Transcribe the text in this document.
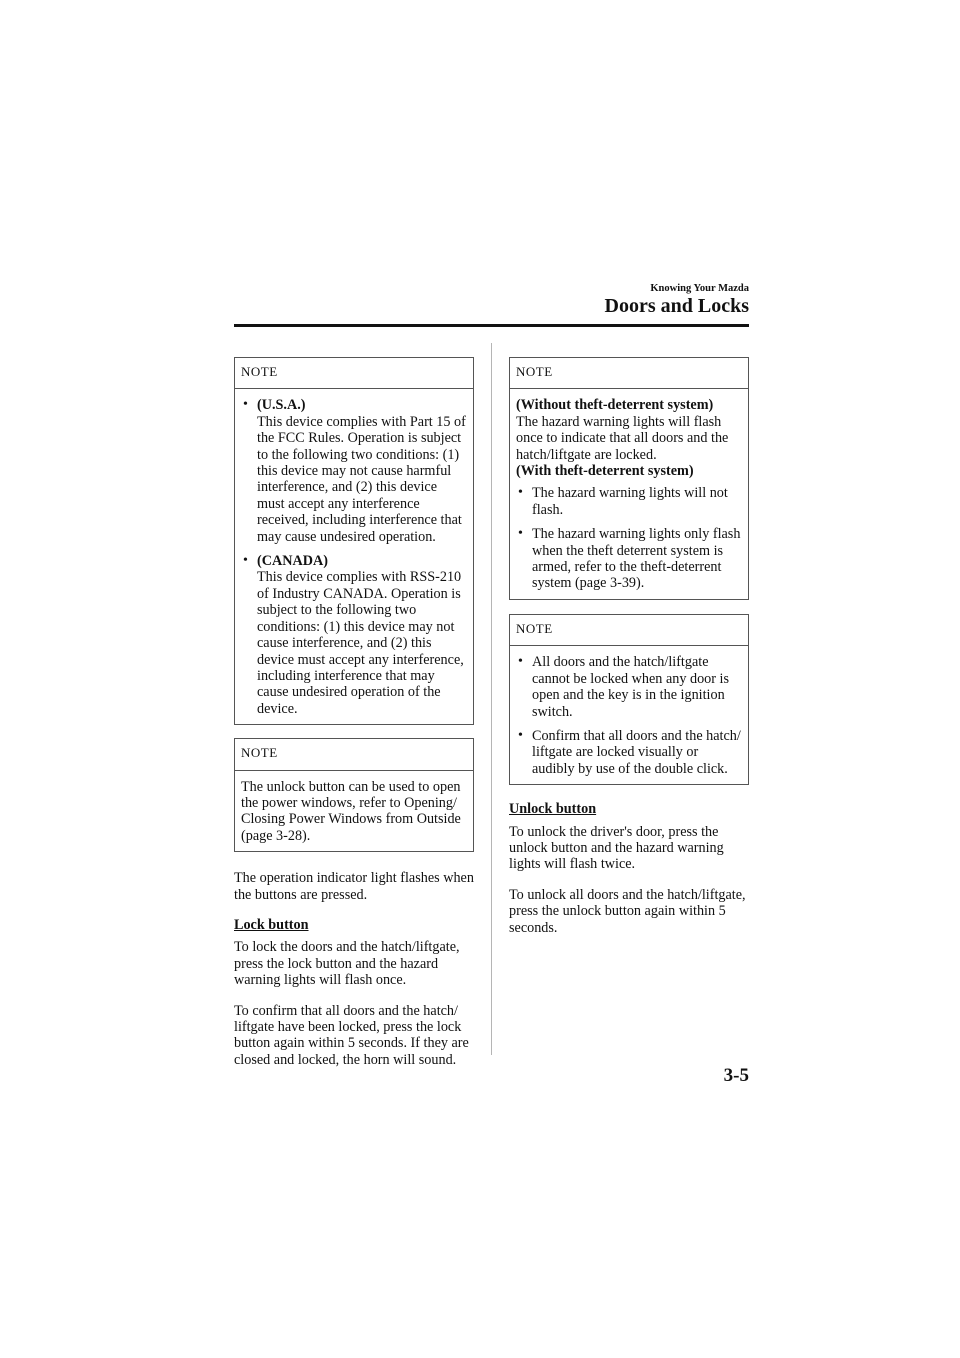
Knowing Your Mazda
Doors and Locks
NOTE
• (U.S.A.)
This device complies with Part 15 of the FCC Rules. Operation is subject to the following two conditions: (1) this device may not cause harmful interference, and (2) this device must accept any interference received, including interference that may cause undesired operation.
• (CANADA)
This device complies with RSS-210 of Industry CANADA. Operation is subject to the following two conditions: (1) this device may not cause interference, and (2) this device must accept any interference, including interference that may cause undesired operation of the device.
NOTE
The unlock button can be used to open the power windows, refer to Opening/ Closing Power Windows from Outside (page 3-28).

The operation indicator light flashes when the buttons are pressed.

Lock button

To lock the doors and the hatch/liftgate, press the lock button and the hazard warning lights will flash once.

To confirm that all doors and the hatch/ liftgate have been locked, press the lock button again within 5 seconds. If they are closed and locked, the horn will sound.

NOTE
(Without theft-deterrent system)
The hazard warning lights will flash once to indicate that all doors and the hatch/liftgate are locked.
(With theft-deterrent system)
• The hazard warning lights will not flash.
• The hazard warning lights only flash when the theft deterrent system is armed, refer to the theft-deterrent system (page 3-39).
NOTE
• All doors and the hatch/liftgate cannot be locked when any door is open and the key is in the ignition switch.
• Confirm that all doors and the hatch/ liftgate are locked visually or audibly by use of the double click.

Unlock button

To unlock the driver's door, press the unlock button and the hazard warning lights will flash twice.

To unlock all doors and the hatch/liftgate, press the unlock button again within 5 seconds.

3-5
